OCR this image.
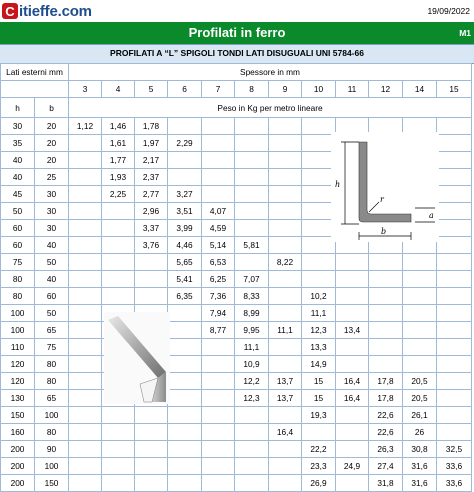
C itieffe.com	19/09/2022
Profilati in ferro	M1
PROFILATI A “L” SPIGOLI TONDI LATI DISUGUALI UNI 5784-66
Lati esterni mm		Spessore in mm											
		3	4	5	6	7	8	9	10	11	12	14	15
h	b	Peso in Kg per metro lineare											
30	20	1,12	1,46	1,78									
35	20		1,61	1,97	2,29								
40	20		1,77	2,17									
40	25		1,93	2,37									
45	30		2,25	2,77	3,27								
50	30			2,96	3,51	4,07							
60	30			3,37	3,99	4,59							
60	40			3,76	4,46	5,14	5,81						
75	50				5,65	6,53		8,22					
80	40				5,41	6,25	7,07						
80	60				6,35	7,36	8,33		10,2				
100	50					7,94	8,99		11,1				
100	65					8,77	9,95	11,1	12,3	13,4			
110	75						11,1		13,3				
120	80						10,9		14,9				
120	80						12,2	13,7	15	16,4	17,8	20,5	
130	65						12,3	13,7	15	16,4	17,8	20,5	
150	100								19,3		22,6	26,1	
160	80							16,4			22,6	26	
200	90								22,2		26,3	30,8	32,5
200	100								23,3	24,9	27,4	31,6	33,6
200	150								26,9		31,8	31,6	33,6
h
b
r
a
